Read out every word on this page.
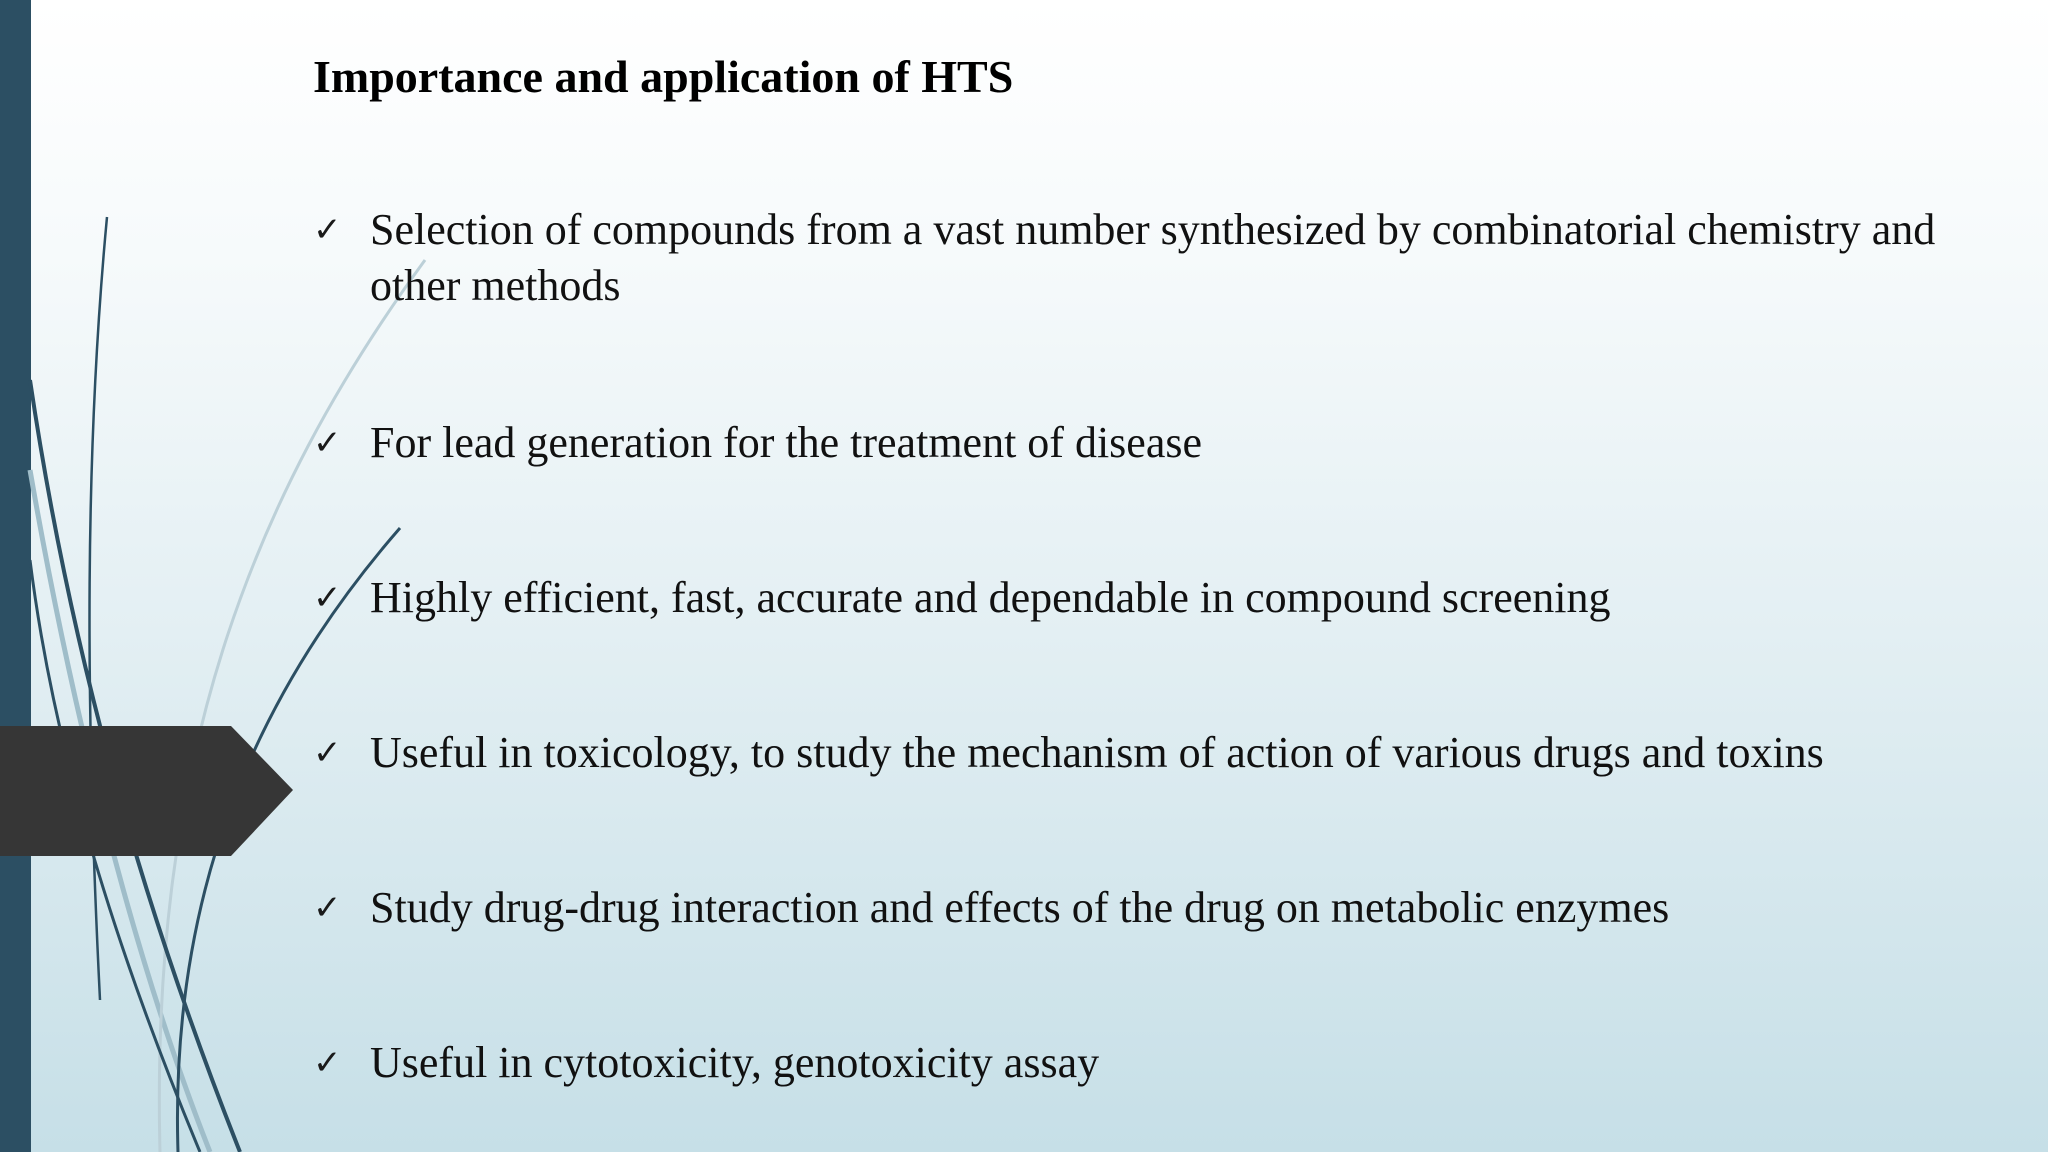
Importance and application of HTS
✓ Selection of compounds from a vast number synthesized by combinatorial chemistry and other methods
✓ For lead generation for the treatment of disease
✓ Highly efficient, fast, accurate and dependable in compound screening
✓ Useful in toxicology, to study the mechanism of action of various drugs and toxins
✓ Study drug-drug interaction and effects of the drug on metabolic enzymes
✓ Useful in cytotoxicity, genotoxicity assay
